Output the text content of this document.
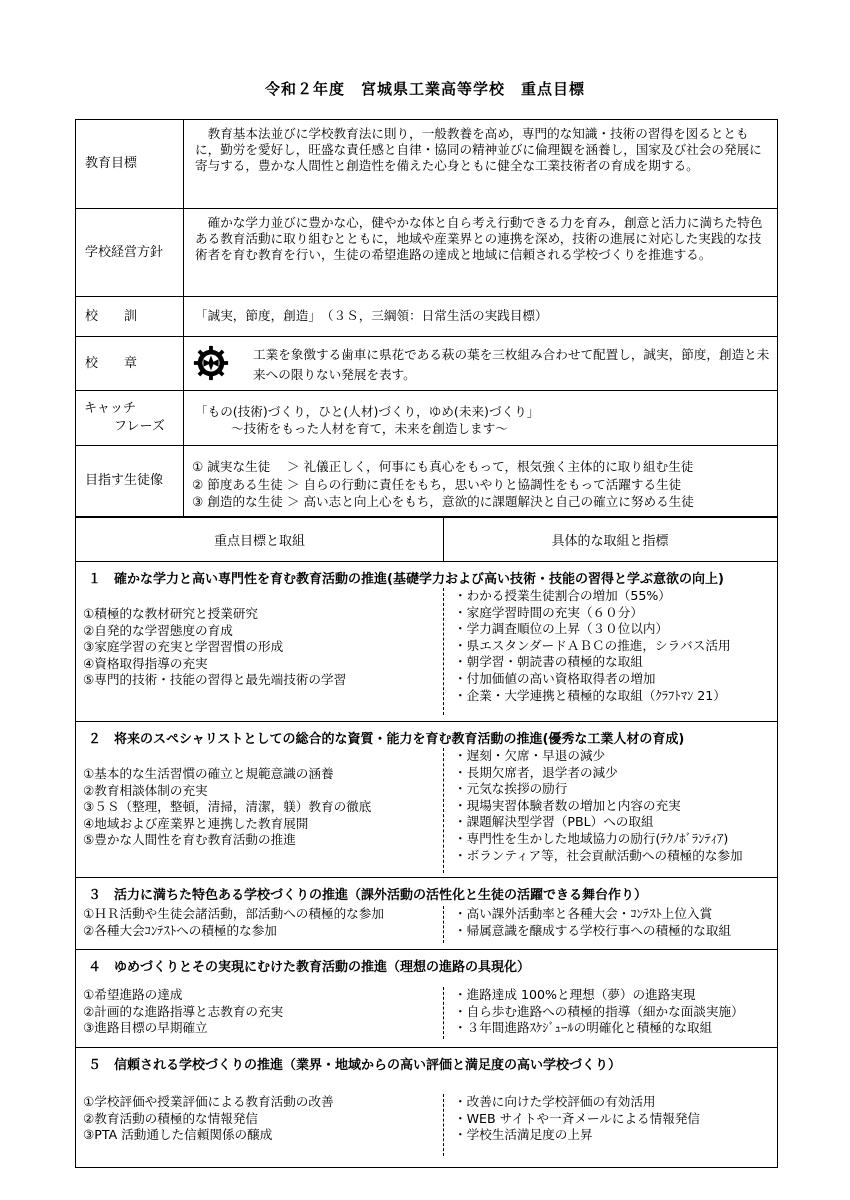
令和２年度　宮城県工業高等学校　重点目標
教育目標
教育基本法並びに学校教育法に則り，一般教養を高め，専門的な知識・技術の習得を図るとともに，勤労を愛好し，旺盛な責任感と自律・協同の精神並びに倫理観を涵養し，国家及び社会の発展に寄与する，豊かな人間性と創造性を備えた心身ともに健全な工業技術者の育成を期する。
学校経営方針
確かな学力並びに豊かな心，健やかな体と自ら考え行動できる力を育み，創意と活力に満ちた特色ある教育活動に取り組むとともに，地域や産業界との連携を深め，技術の進展に対応した実践的な技術者を育む教育を行い，生徒の希望進路の達成と地域に信頼される学校づくりを推進する。
校　　訓	「誠実，節度，創造」　（３Ｓ，三綱領：日常生活の実践目標）
校　　章
工業を象徴する歯車に県花である萩の葉を三枚組み合わせて配置し，誠実，節度，創造と未来への限りない発展を表す。
キャッチ
フレーズ
「もの(技術)づくり，ひと(人材)づくり，ゆめ(未来)づくり」
～技術をもった人材を育て，未来を創造します～
目指す生徒像
① 誠実な生徒　 ＞ 礼儀正しく，何事にも真心をもって，根気強く主体的に取り組む生徒
② 節度ある生徒 ＞ 自らの行動に責任をもち，思いやりと協調性をもって活躍する生徒
③ 創造的な生徒 ＞ 高い志と向上心をもち，意欲的に課題解決と自己の確立に努める生徒
重点目標と取組	具体的な取組と指標
１　確かな学力と高い専門性を育む教育活動の推進(基礎学力および高い技術・技能の習得と学ぶ意欲の向上)
①積極的な教材研究と授業研究
②自発的な学習態度の育成
③家庭学習の充実と学習習慣の形成
④資格取得指導の充実
⑤専門的技術・技能の習得と最先端技術の学習
・わかる授業生徒割合の増加（55%）
・家庭学習時間の充実（６０分）
・学力調査順位の上昇（３０位以内）
・県エスタンダードＡＢＣの推進，シラバス活用
・朝学習・朝読書の積極的な取組
・付加価値の高い資格取得者の増加
・企業・大学連携と積極的な取組（ｸﾗﾌﾄﾏﾝ 21）
２　将来のスペシャリストとしての総合的な資質・能力を育む教育活動の推進(優秀な工業人材の育成)
①基本的な生活習慣の確立と規範意識の涵養
②教育相談体制の充実
③５Ｓ（整理，整頓，清掃，清潔，躾）教育の徹底
④地域および産業界と連携した教育展開
⑤豊かな人間性を育む教育活動の推進
・遅刻・欠席・早退の減少
・長期欠席者，退学者の減少
・元気な挨拶の励行
・現場実習体験者数の増加と内容の充実
・課題解決型学習（PBL）への取組
・専門性を生かした地域協力の励行(ﾃｸﾉﾎﾞﾗﾝﾃｨｱ)
・ボランティア等，社会貢献活動への積極的な参加
３　活力に満ちた特色ある学校づくりの推進（課外活動の活性化と生徒の活躍できる舞台作り）
①ＨＲ活動や生徒会諸活動，部活動への積極的な参加
②各種大会ｺﾝﾃｽﾄへの積極的な参加
・高い課外活動率と各種大会・ｺﾝﾃｽﾄ上位入賞
・帰属意識を醸成する学校行事への積極的な取組
４　ゆめづくりとその実現にむけた教育活動の推進（理想の進路の具現化）
①希望進路の達成
②計画的な進路指導と志教育の充実
③進路目標の早期確立
・進路達成 100%と理想（夢）の進路実現
・自ら歩む進路への積極的指導（細かな面談実施）
・３年間進路ｽｹｼﾞｭｰﾙの明確化と積極的な取組
５　信頼される学校づくりの推進（業界・地域からの高い評価と満足度の高い学校づくり）
①学校評価や授業評価による教育活動の改善
②教育活動の積極的な情報発信
③PTA 活動通した信頼関係の醸成
・改善に向けた学校評価の有効活用
・WEB サイトや一斉メールによる情報発信
・学校生活満足度の上昇
